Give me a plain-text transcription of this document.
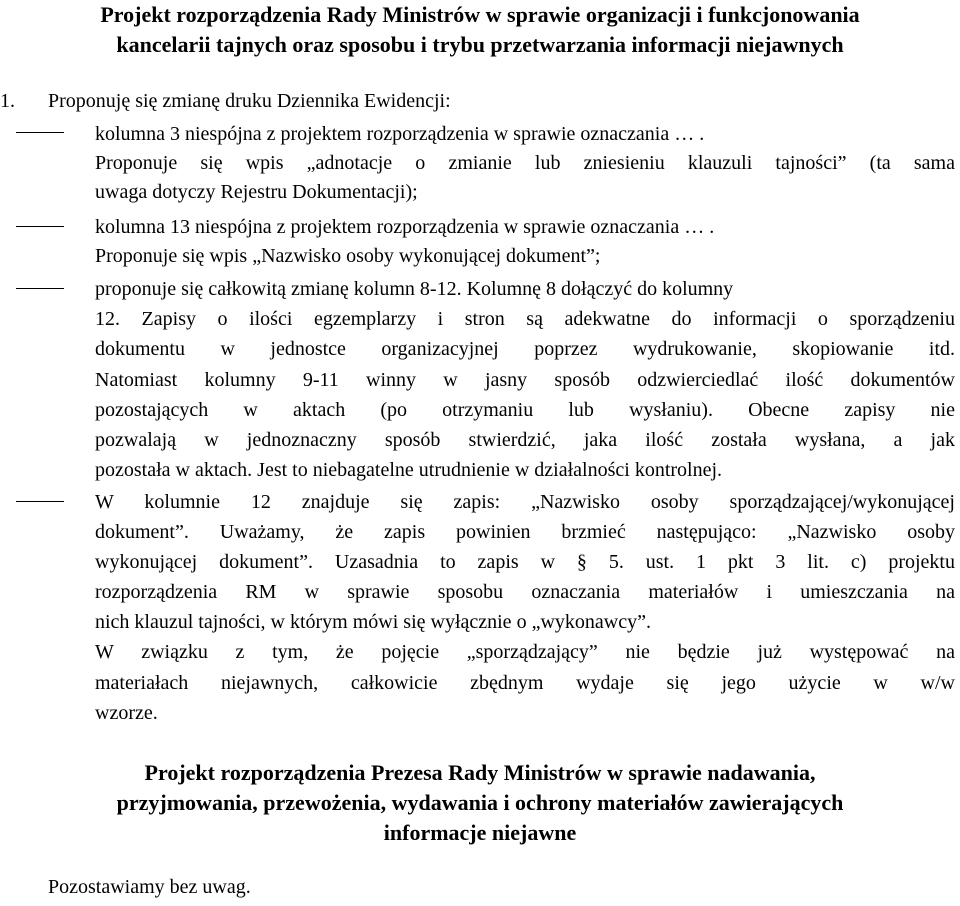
Projekt rozporządzenia Rady Ministrów w sprawie organizacji i funkcjonowania
kancelarii tajnych oraz sposobu i trybu przetwarzania informacji niejawnych
1. Proponuję się zmianę druku Dziennika Ewidencji:
kolumna 3 niespójna z projektem rozporządzenia w sprawie oznaczania … .
Proponuje się wpis „adnotacje o zmianie lub zniesieniu klauzuli tajności” (ta sama
uwaga dotyczy Rejestru Dokumentacji);
kolumna 13 niespójna z projektem rozporządzenia w sprawie oznaczania … .
Proponuje się wpis „Nazwisko osoby wykonującej dokument”;
proponuje się całkowitą zmianę kolumn 8-12. Kolumnę 8 dołączyć do kolumny
12. Zapisy o ilości egzemplarzy i stron są adekwatne do informacji o sporządzeniu
dokumentu w jednostce organizacyjnej poprzez wydrukowanie, skopiowanie itd.
Natomiast kolumny 9-11 winny w jasny sposób odzwierciedlać ilość dokumentów
pozostających w aktach (po otrzymaniu lub wysłaniu). Obecne zapisy nie
pozwalają w jednoznaczny sposób stwierdzić, jaka ilość została wysłana, a jak
pozostała w aktach. Jest to niebagatelne utrudnienie w działalności kontrolnej.
W kolumnie 12 znajduje się zapis: „Nazwisko osoby sporządzającej/wykonującej
dokument”. Uważamy, że zapis powinien brzmieć następująco: „Nazwisko osoby
wykonującej dokument”. Uzasadnia to zapis w § 5. ust. 1 pkt 3 lit. c) projektu
rozporządzenia RM w sprawie sposobu oznaczania materiałów i umieszczania na
nich klauzul tajności, w którym mówi się wyłącznie o „wykonawcy”.
W związku z tym, że pojęcie „sporządzający” nie będzie już występować na
materiałach niejawnych, całkowicie zbędnym wydaje się jego użycie w w/w
wzorze.
Projekt rozporządzenia Prezesa Rady Ministrów w sprawie nadawania,
przyjmowania, przewożenia, wydawania i ochrony materiałów zawierających
informacje niejawne
Pozostawiamy bez uwag.
